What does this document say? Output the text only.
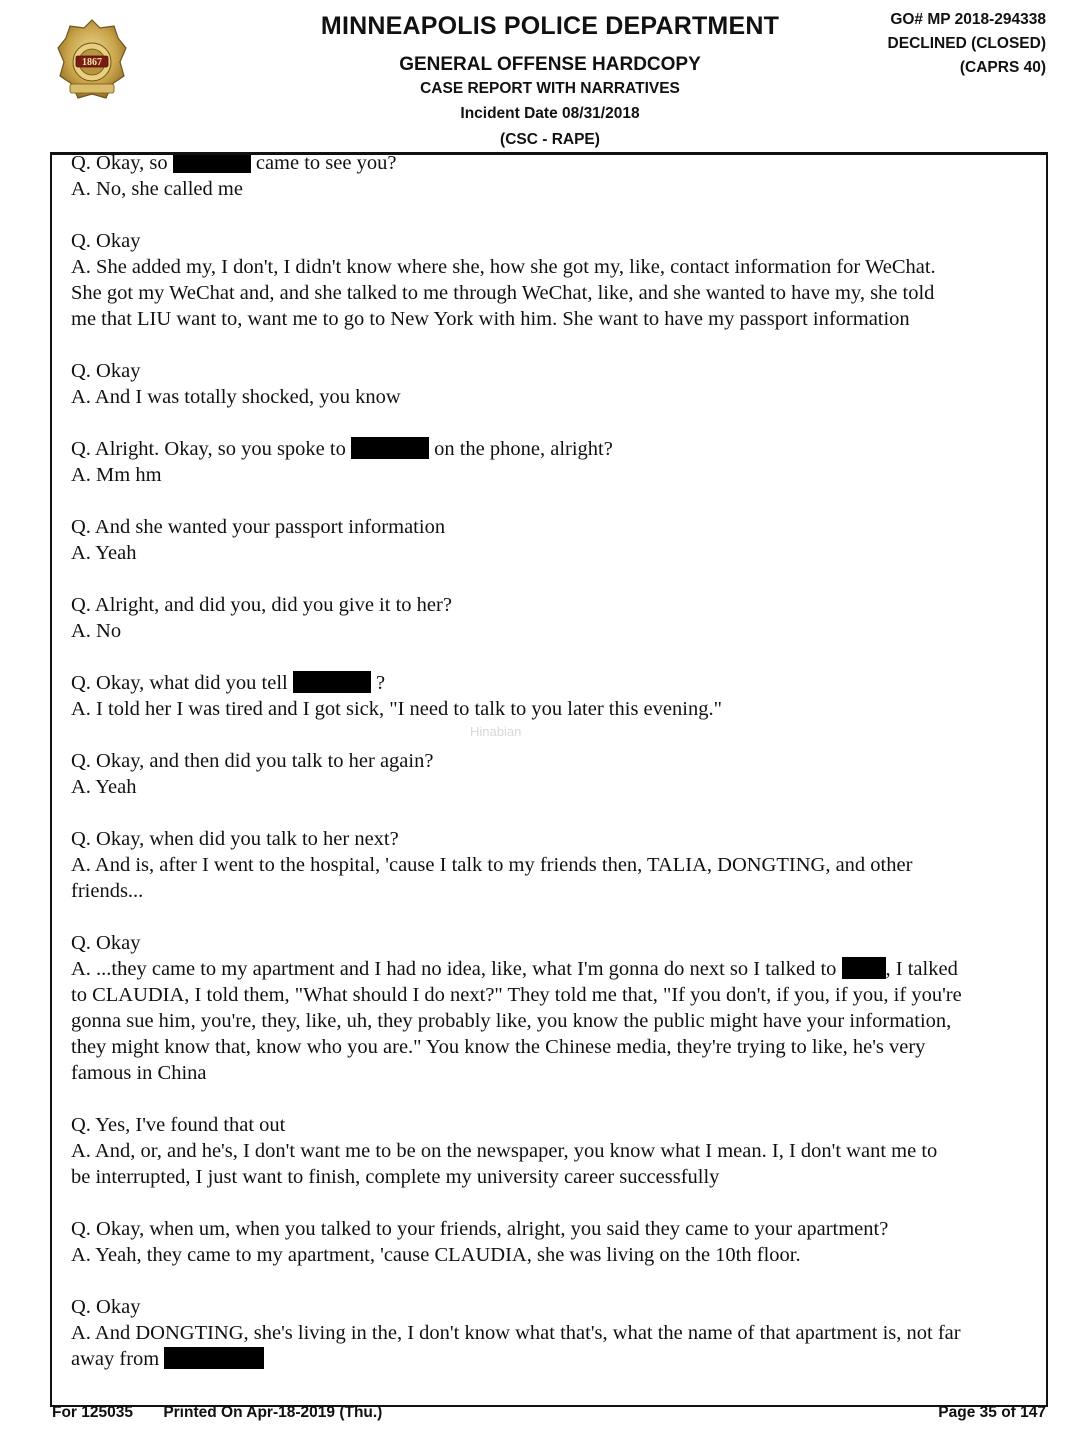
1867
MINNEAPOLIS POLICE DEPARTMENT
GENERAL OFFENSE HARDCOPY
CASE REPORT WITH NARRATIVES
Incident Date 08/31/2018
(CSC - RAPE)
GO# MP 2018-294338
DECLINED (CLOSED)
(CAPRS 40)
Q. Okay, so	came to see you?
A. No, she called me
Q. Okay
A. She added my, I don't, I didn't know where she, how she got my, like, contact information for WeChat.
She got my WeChat and, and she talked to me through WeChat, like, and she wanted to have my, she told
me that LIU want to, want me to go to New York with him. She want to have my passport information
Q. Okay
A. And I was totally shocked, you know
Q. Alright. Okay, so you spoke to	on the phone, alright?
A. Mm hm
Q. And she wanted your passport information
A. Yeah
Q. Alright, and did you, did you give it to her?
A. No
Q. Okay, what did you tell	?
A. I told her I was tired and I got sick, "I need to talk to you later this evening."
Q. Okay, and then did you talk to her again?
A. Yeah
Q. Okay, when did you talk to her next?
A. And is, after I went to the hospital, 'cause I talk to my friends then, TALIA, DONGTING, and other
friends...
Q. Okay
A. ...they came to my apartment and I had no idea, like, what I'm gonna do next so I talked to , I talked
to CLAUDIA, I told them, "What should I do next?" They told me that, "If you don't, if you, if you, if you're
gonna sue him, you're, they, like, uh, they probably like, you know the public might have your information,
they might know that, know who you are." You know the Chinese media, they're trying to like, he's very
famous in China
Q. Yes, I've found that out
A. And, or, and he's, I don't want me to be on the newspaper, you know what I mean. I, I don't want me to
be interrupted, I just want to finish, complete my university career successfully
Q. Okay, when um, when you talked to your friends, alright, you said they came to your apartment?
A. Yeah, they came to my apartment, 'cause CLAUDIA, she was living on the 10th floor.
Q. Okay
A. And DONGTING, she's living in the, I don't know what that's, what the name of that apartment is, not far
away from
Hinabian
For 125035 Printed On Apr-18-2019 (Thu.)	Page 35 of 147
